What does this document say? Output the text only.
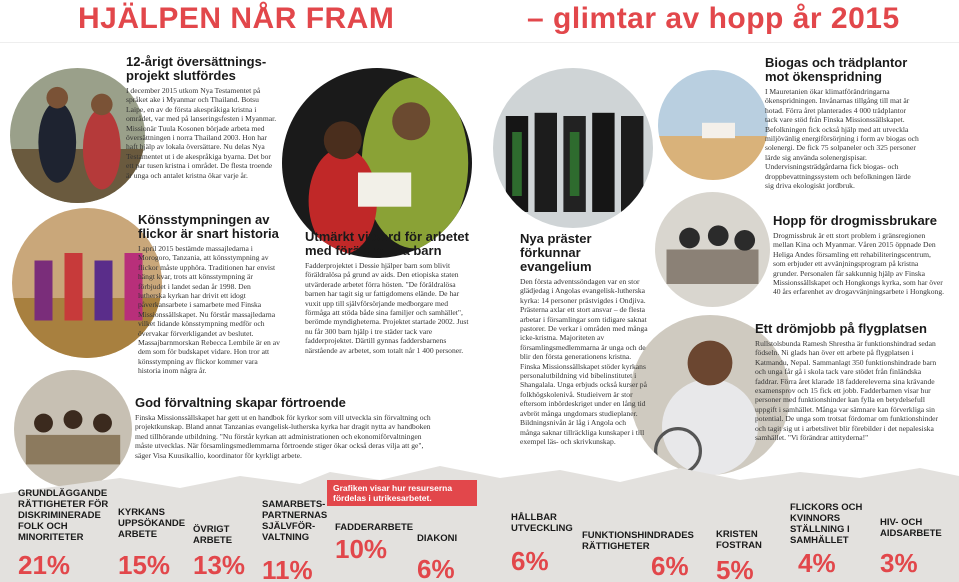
HJÄLPEN NÅR FRAM	– glimtar av hopp år 2015
12-årigt översättnings-projekt slutfördes

I december 2015 utkom Nya Testamentet på språket ake i Myanmar och Thailand. Botsu Laipe, en av de första akespråkiga kristna i området, var med på lanseringsfesten i Myanmar. Missionär Tuula Kosonen började arbeta med översättningen i norra Thailand 2003. Hon har haft hjälp av lokala översättare. Nu delas Nya Testamentet ut i de akespråkiga byarna. Det bor ett par tusen kristna i området. De flesta troende är unga och antalet kristna ökar varje år.

Biogas och trädplantor mot ökenspridning

I Mauretanien ökar klimatförändringarna ökenspridningen. Invånarnas tillgång till mat är hotad. Förra året planterades 4 000 trädplantor tack vare stöd från Finska Missionssällskapet. Befolkningen fick också hjälp med att utveckla miljövänlig energiförsörjning i form av biogas och solenergi. De fick 75 solpaneler och 325 personer lärde sig använda solenergispisar. Undervisningsträdgårdarna fick biogas- och droppbevattningssystem och befolkningen lärde sig driva ekologiskt jordbruk.

Könsstympningen av flickor är snart historia

I april 2015 bestämde massajledarna i Morogoro, Tanzania, att könsstympning av flickor måste upphöra. Traditionen har envist hängt kvar, trots att könsstympning är förbjudet i landet sedan år 1998. Den lutherska kyrkan har drivit ett idogt påverkansarbete i samarbete med Finska Missionssällskapet. Nu förstår massajledarna vilket lidande könsstympning medför och övervakar förverkligandet av beslutet. Massajbarnmorskan Rebecca Lembile är en av dem som för budskapet vidare. Hon tror att könsstympning av flickor kommer vara historia inom några år.

Utmärkt vitsord för arbetet med föräldralösa barn

Fadderprojektet i Dessie hjälper barn som blivit föräldralösa på grund av aids. Den etiopiska staten utvärderade arbetet förra hösten. "De föräldralösa barnen har tagit sig ur fattigdomens elände. De har vuxit upp till självförsörjande medborgare med förmåga att stöda både sina familjer och samhället", berömde myndigheterna. Projektet startade 2002. Just nu får 300 barn hjälp i tre städer tack vare fadderprojektet. Därtill gynnas faddersbarnens närstående av arbetet, som totalt når 1 400 personer.

Nya präster förkunnar evangelium

Den första adventssöndagen var en stor glädjedag i Angolas evangelisk-lutherska kyrka: 14 personer prästvigdes i Ondjiva. Prästerna axlar ett stort ansvar – de flesta arbetar i församlingar som tidigare saknat pastorer. De verkar i områden med många icke-kristna. Majoriteten av församlingsmedlemmarna är unga och de blir den första generationens kristna. Finska Missionssällskapet stöder kyrkans personalutbildning vid bibelinstitutet i Shangalala. Unga erbjuds också kurser på folkhögskolenivå. Studieivern är stor eftersom inbördeskriget under en lång tid avbröt många ungdomars studieplaner. Bildningsnivån är låg i Angola och många saknar tillräckliga kunskaper i till exempel läs- och skrivkunskap.

Hopp för drogmissbrukare

Drogmissbruk är ett stort problem i gränsregionen mellan Kina och Myanmar. Våren 2015 öppnade Den Heliga Andes församling ett rehabiliteringscentrum, som erbjuder ett avvänjningsprogram på kristna grunder. Personalen får sakkunnig hjälp av Finska Missionssällskapet och Hongkongs kyrka, som har över 40 års erfarenhet av drogavvänjningsarbete i Hongkong.

Ett drömjobb på flygplatsen

Rullstolsbunda Ramesh Shrestha är funktionshindrad sedan födseln. Ni glads han över ett arbete på flygplatsen i Katmandu, Nepal. Sammanlagt 350 funktionshindrade barn och unga får gå i skola tack vare stödet från finländska faddrar. Förra året klarade 18 faddereleverna sina krävande examensprov och 15 fick ett jobb. Fadderbarnen visar hur personer med funktionshinder kan fylla en betydelsefull uppgift i samhället. Många var sämnare kan förverkliga sin potential. De unga som trotsat fördomar om funktionshinder och tagit sig ut i arbetslivet blir förebilder i det nepalesiska samhället. "Vi förändrar attityderna!"

God förvaltning skapar förtroende

Finska Missionssällskapet har gett ut en handbok för kyrkor som vill utveckla sin förvaltning och projektkunskap. Bland annat Tanzanias evangelisk-lutherska kyrka har dragit nytta av handboken med tillhörande utbildning. "Nu förstår kyrkan att administrationen och ekonomiförvaltningen måste utvecklas. När församlingsmedlemmarna förtroende stiger ökar också deras vilja att ge", säger Visa Kuusikallio, koordinator för kyrkligt arbete.

Grafiken visar hur resurserna fördelas i utrikesarbetet.
GRUNDLÄGGANDE RÄTTIGHETER FÖR DISKRIMINERADE FOLK OCH MINORITETER
21%
KYRKANS UPPSÖKANDE ARBETE
15%
ÖVRIGT ARBETE
13%
SAMARBETS-PARTNERNAS SJÄLVFÖR-VALTNING
11%
FADDERARBETE
10%	DIAKONI
6%
HÅLLBAR UTVECKLING
6%
FUNKTIONSHINDRADES RÄTTIGHETER
6%
KRISTEN FOSTRAN
5%
FLICKORS OCH KVINNORS STÄLLNING I SAMHÄLLET
4%
HIV- OCH AIDSARBETE
3%
